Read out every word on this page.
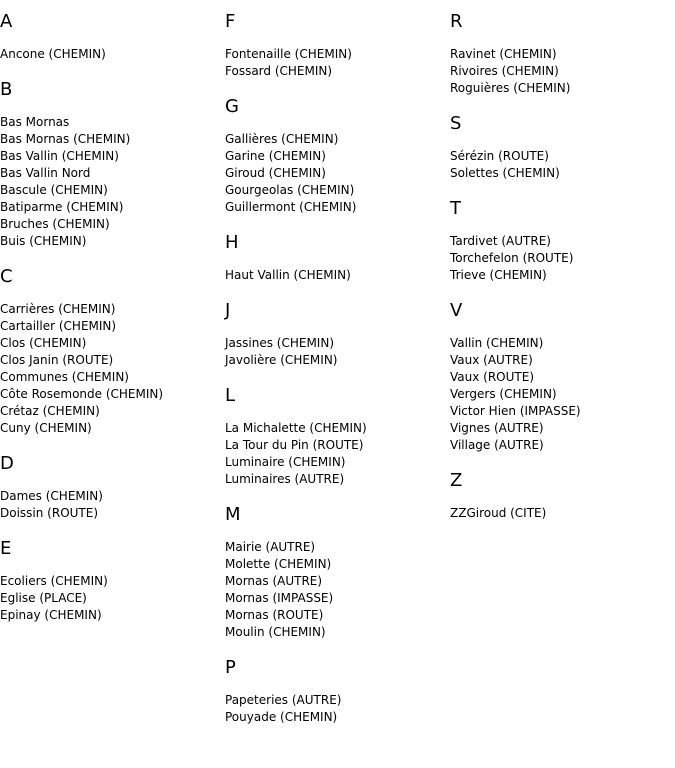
A
Ancone (CHEMIN)
B
Bas Mornas
Bas Mornas (CHEMIN)
Bas Vallin (CHEMIN)
Bas Vallin Nord
Bascule (CHEMIN)
Batiparme (CHEMIN)
Bruches (CHEMIN)
Buis (CHEMIN)
C
Carrières (CHEMIN)
Cartailler (CHEMIN)
Clos (CHEMIN)
Clos Janin (ROUTE)
Communes (CHEMIN)
Côte Rosemonde (CHEMIN)
Crétaz (CHEMIN)
Cuny (CHEMIN)
D
Dames (CHEMIN)
Doissin (ROUTE)
E
Ecoliers (CHEMIN)
Eglise (PLACE)
Epinay (CHEMIN)
F
Fontenaille (CHEMIN)
Fossard (CHEMIN)
G
Gallières (CHEMIN)
Garine (CHEMIN)
Giroud (CHEMIN)
Gourgeolas (CHEMIN)
Guillermont (CHEMIN)
H
Haut Vallin (CHEMIN)
J
Jassines (CHEMIN)
Javolière (CHEMIN)
L
La Michalette (CHEMIN)
La Tour du Pin (ROUTE)
Luminaire (CHEMIN)
Luminaires (AUTRE)
M
Mairie (AUTRE)
Molette (CHEMIN)
Mornas (AUTRE)
Mornas (IMPASSE)
Mornas (ROUTE)
Moulin (CHEMIN)
P
Papeteries (AUTRE)
Pouyade (CHEMIN)
R
Ravinet (CHEMIN)
Rivoires (CHEMIN)
Roguières (CHEMIN)
S
Sérézin (ROUTE)
Solettes (CHEMIN)
T
Tardivet (AUTRE)
Torchefelon (ROUTE)
Trieve (CHEMIN)
V
Vallin (CHEMIN)
Vaux (AUTRE)
Vaux (ROUTE)
Vergers (CHEMIN)
Victor Hien (IMPASSE)
Vignes (AUTRE)
Village (AUTRE)
Z
ZZGiroud (CITE)
